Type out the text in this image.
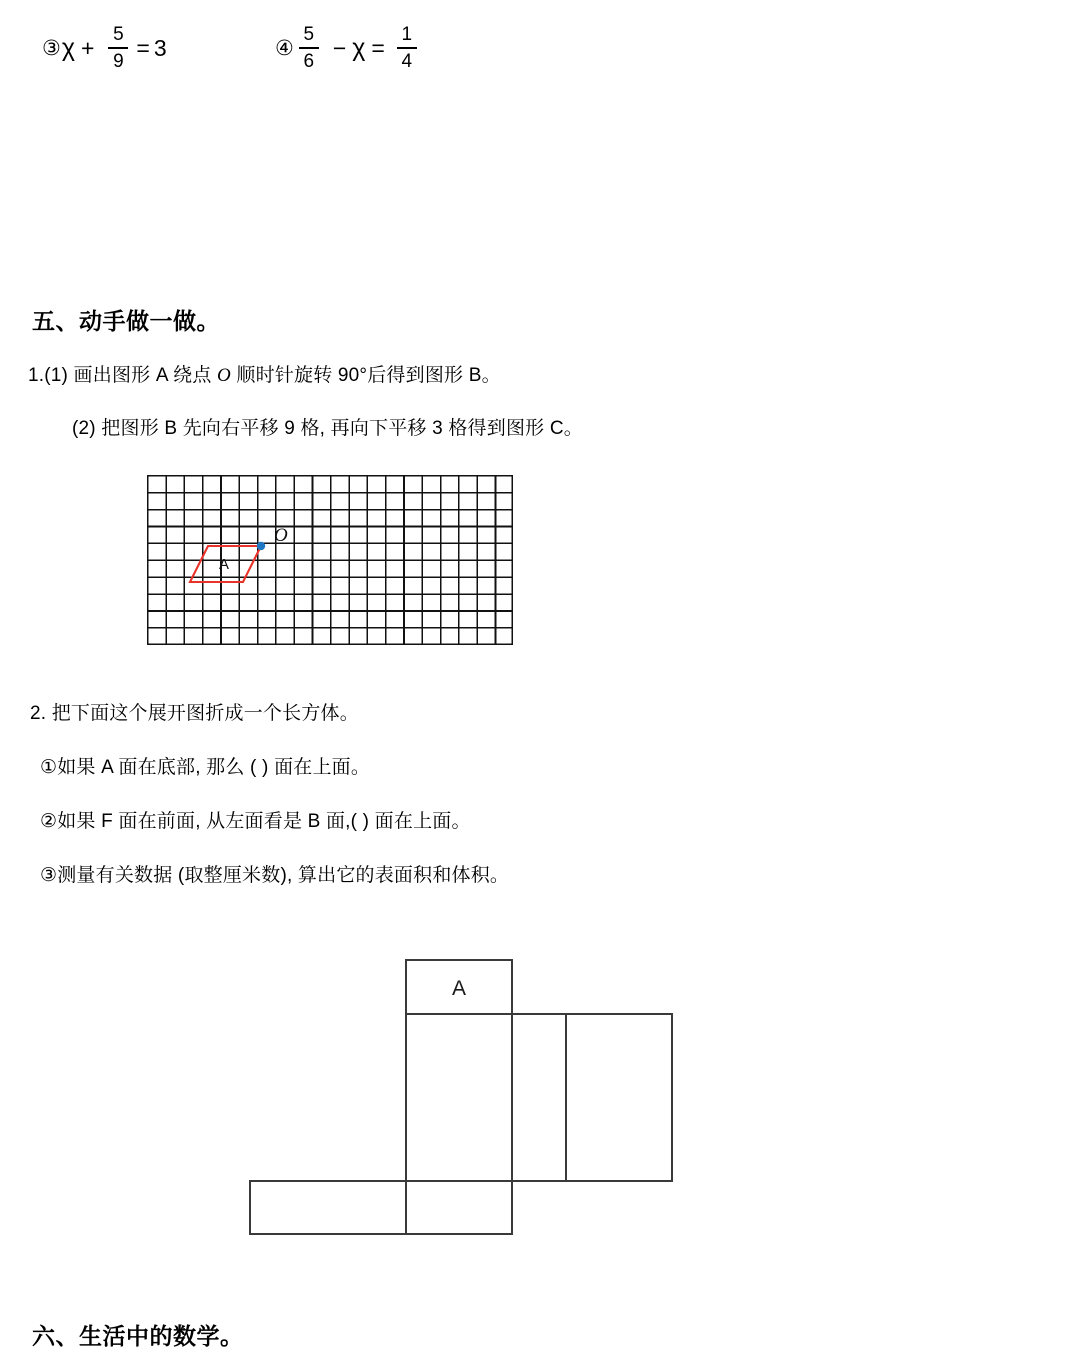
③ $\chi + \frac{5}{9} = 3$	④ $\frac{5}{6} - \chi = \frac{1}{4}$
五、动手做一做。
1.(1) 画出图形 A 绕点 O 顺时针旋转 90°后得到图形 B。
(2) 把图形 B 先向右平移 9 格, 再向下平移 3 格得到图形 C。
A
O
2. 把下面这个展开图折成一个长方体。
①如果 A 面在底部, 那么 ( ) 面在上面。
②如果 F 面在前面, 从左面看是 B 面,( ) 面在上面。
③测量有关数据 (取整厘米数), 算出它的表面积和体积。
A
六、生活中的数学。
